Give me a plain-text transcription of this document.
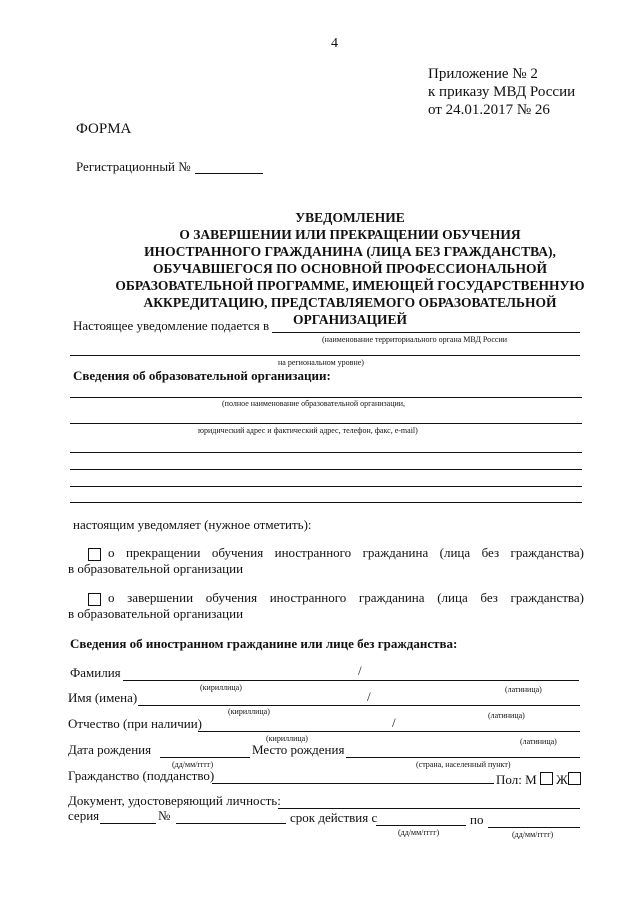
4
Приложение № 2
к приказу МВД России
от 24.01.2017 № 26
ФОРМА
Регистрационный №
УВЕДОМЛЕНИЕ
О ЗАВЕРШЕНИИ ИЛИ ПРЕКРАЩЕНИИ ОБУЧЕНИЯ
ИНОСТРАННОГО ГРАЖДАНИНА (ЛИЦА БЕЗ ГРАЖДАНСТВА),
ОБУЧАВШЕГОСЯ ПО ОСНОВНОЙ ПРОФЕССИОНАЛЬНОЙ
ОБРАЗОВАТЕЛЬНОЙ ПРОГРАММЕ, ИМЕЮЩЕЙ ГОСУДАРСТВЕННУЮ
АККРЕДИТАЦИЮ, ПРЕДСТАВЛЯЕМОГО ОБРАЗОВАТЕЛЬНОЙ ОРГАНИЗАЦИЕЙ
Настоящее уведомление подается в
(наименование территориального органа МВД России
на региональном уровне)
Сведения об образовательной организации:
(полное наименование образовательной организации,
юридический адрес и фактический адрес, телефон, факс, e-mail)
настоящим уведомляет (нужное отметить):
о прекращении обучения иностранного гражданина (лица без гражданства)
в образовательной организации
о завершении обучения иностранного гражданина (лица без гражданства)
в образовательной организации
Сведения об иностранном гражданине или лице без гражданства:
Фамилия	/
(кириллица)	(латиница)
Имя (имена)	/
(кириллица)	(латиница)
Отчество (при наличии)	/
(кириллица)	(латиница)
Дата рождения
(дд/мм/гггг)
Место рождения
(страна, населенный пункт)
Гражданство (подданство)	Пол: М Ж
Документ, удостоверяющий личность:
серия	№	срок действия с
(дд/мм/гггг)
по
(дд/мм/гггг)
